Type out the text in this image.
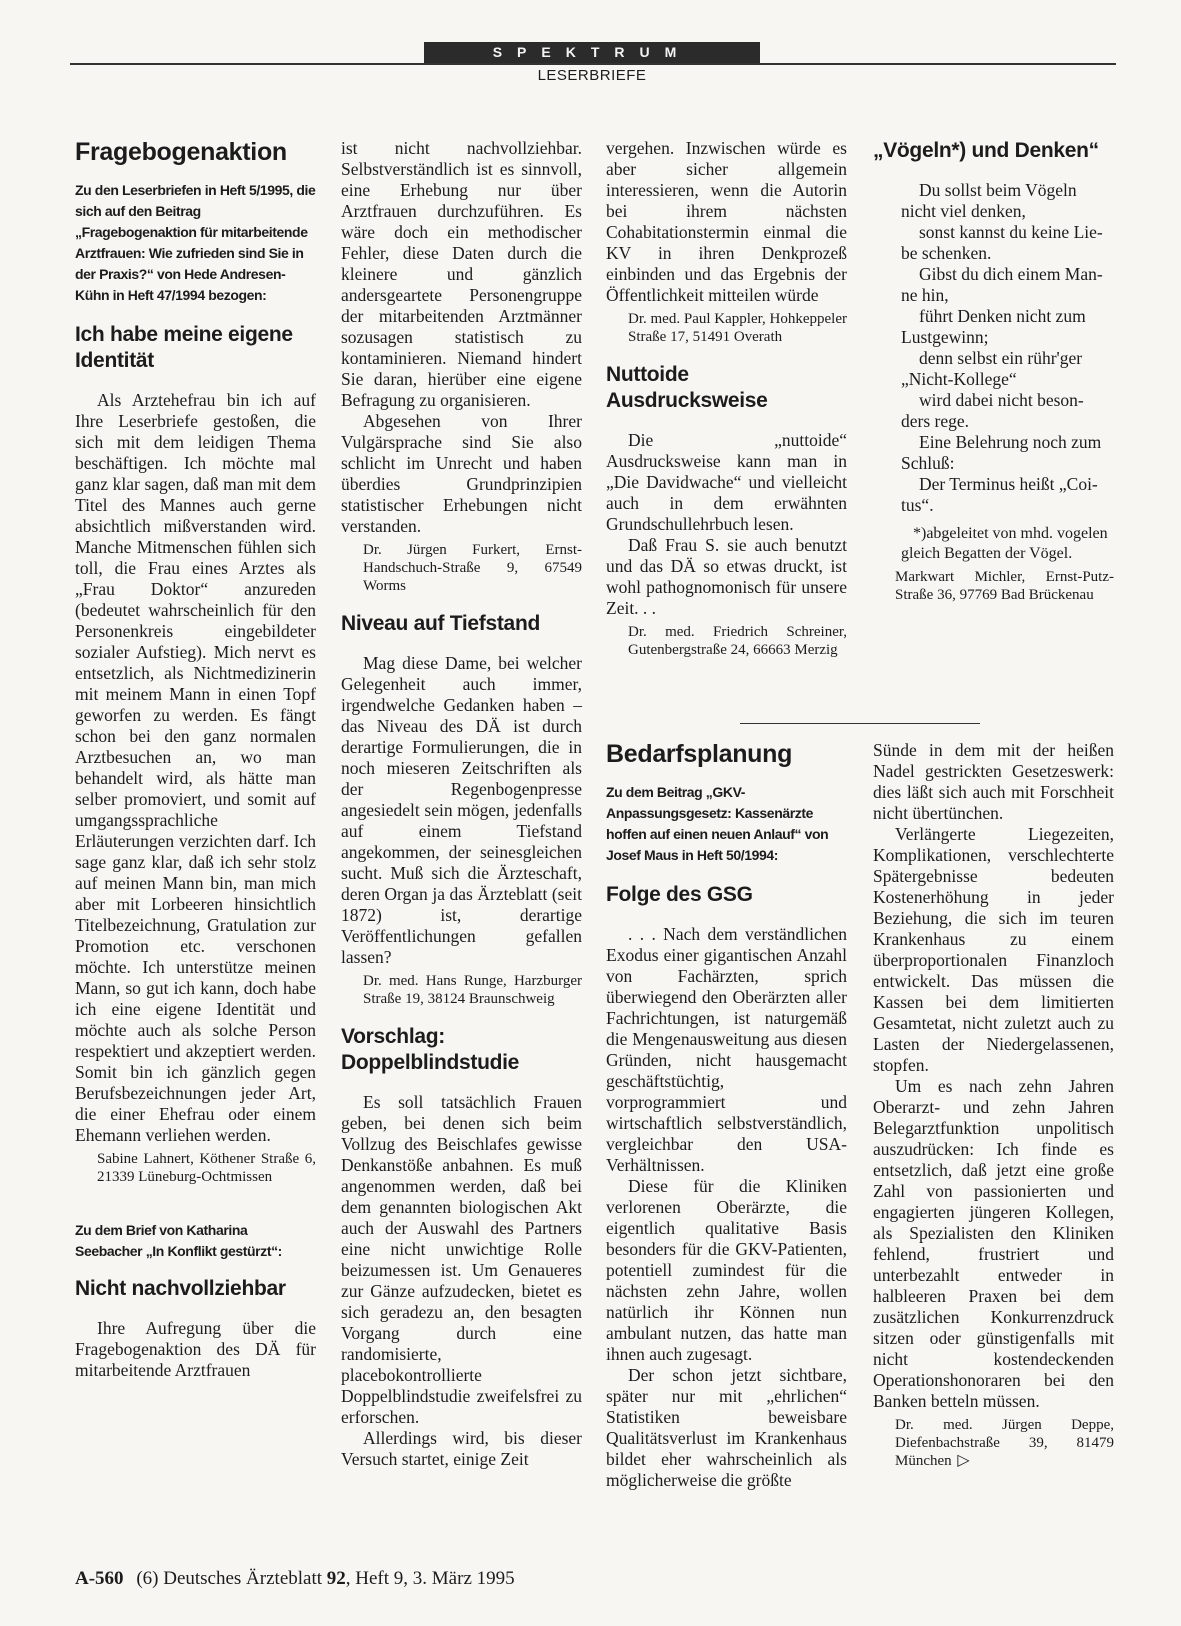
SPEKTRUM
LESERBRIEFE
Fragebogenaktion

Zu den Leserbriefen in Heft 5/1995, die sich auf den Beitrag „Fragebogenaktion für mitarbeitende Arztfrauen: Wie zufrieden sind Sie in der Praxis?“ von Hede Andresen-Kühn in Heft 47/1994 bezogen:

Ich habe meine eigene Identität

Als Arztehefrau bin ich auf Ihre Leserbriefe gestoßen, die sich mit dem leidigen Thema beschäftigen. Ich möchte mal ganz klar sagen, daß man mit dem Titel des Mannes auch gerne absichtlich mißverstanden wird. Manche Mitmenschen fühlen sich toll, die Frau eines Arztes als „Frau Doktor“ anzureden (bedeutet wahrscheinlich für den Personenkreis eingebildeter sozialer Aufstieg). Mich nervt es entsetzlich, als Nichtmedizinerin mit meinem Mann in einen Topf geworfen zu werden. Es fängt schon bei den ganz normalen Arztbesuchen an, wo man behandelt wird, als hätte man selber promoviert, und somit auf umgangssprachliche Erläuterungen verzichten darf. Ich sage ganz klar, daß ich sehr stolz auf meinen Mann bin, man mich aber mit Lorbeeren hinsichtlich Titelbezeichnung, Gratulation zur Promotion etc. verschonen möchte. Ich unterstütze meinen Mann, so gut ich kann, doch habe ich eine eigene Identität und möchte auch als solche Person respektiert und akzeptiert werden. Somit bin ich gänzlich gegen Berufsbezeichnungen jeder Art, die einer Ehefrau oder einem Ehemann verliehen werden.

Sabine Lahnert, Köthener Straße 6, 21339 Lüneburg-Ochtmissen

Zu dem Brief von Katharina Seebacher „In Konflikt gestürzt“:

Nicht nachvollziehbar

Ihre Aufregung über die Fragebogenaktion des DÄ für mitarbeitende Arztfrauen

ist nicht nachvollziehbar. Selbstverständlich ist es sinnvoll, eine Erhebung nur über Arztfrauen durchzuführen. Es wäre doch ein methodischer Fehler, diese Daten durch die kleinere und gänzlich andersgeartete Personengruppe der mitarbeitenden Arztmänner sozusagen statistisch zu kontaminieren. Niemand hindert Sie daran, hierüber eine eigene Befragung zu organisieren.

Abgesehen von Ihrer Vulgärsprache sind Sie also schlicht im Unrecht und haben überdies Grundprinzipien statistischer Erhebungen nicht verstanden.

Dr. Jürgen Furkert, Ernst-Handschuch-Straße 9, 67549 Worms

Niveau auf Tiefstand

Mag diese Dame, bei welcher Gelegenheit auch immer, irgendwelche Gedanken haben – das Niveau des DÄ ist durch derartige Formulierungen, die in noch mieseren Zeitschriften als der Regenbogenpresse angesiedelt sein mögen, jedenfalls auf einem Tiefstand angekommen, der seinesgleichen sucht. Muß sich die Ärzteschaft, deren Organ ja das Ärzteblatt (seit 1872) ist, derartige Veröffentlichungen gefallen lassen?

Dr. med. Hans Runge, Harzburger Straße 19, 38124 Braunschweig

Vorschlag: Doppelblindstudie

Es soll tatsächlich Frauen geben, bei denen sich beim Vollzug des Beischlafes gewisse Denkanstöße anbahnen. Es muß angenommen werden, daß bei dem genannten biologischen Akt auch der Auswahl des Partners eine nicht unwichtige Rolle beizumessen ist. Um Genaueres zur Gänze aufzudecken, bietet es sich geradezu an, den besagten Vorgang durch eine randomisierte, placebokontrollierte Doppelblindstudie zweifelsfrei zu erforschen.

Allerdings wird, bis dieser Versuch startet, einige Zeit

vergehen. Inzwischen würde es aber sicher allgemein interessieren, wenn die Autorin bei ihrem nächsten Cohabitationstermin einmal die KV in ihren Denkprozeß einbinden und das Ergebnis der Öffentlichkeit mitteilen würde

Dr. med. Paul Kappler, Hohkeppeler Straße 17, 51491 Overath

Nuttoide Ausdrucksweise

Die „nuttoide“ Ausdrucksweise kann man in „Die Davidwache“ und vielleicht auch in dem erwähnten Grundschullehrbuch lesen.

Daß Frau S. sie auch benutzt und das DÄ so etwas druckt, ist wohl pathognomonisch für unsere Zeit. . .

Dr. med. Friedrich Schreiner, Gutenbergstraße 24, 66663 Merzig

„Vögeln*) und Denken“
Du sollst beim Vögeln
nicht viel denken,
sonst kannst du keine Lie-
be schenken.
Gibst du dich einem Man-
ne hin,
führt Denken nicht zum
Lustgewinn;
denn selbst ein rühr'ger
„Nicht-Kollege“
wird dabei nicht beson-
ders rege.
Eine Belehrung noch zum
Schluß:
Der Terminus heißt „Coi-
tus“.

*)abgeleitet von mhd. vogelen gleich Begatten der Vögel.

Markwart Michler, Ernst-Putz-Straße 36, 97769 Bad Brückenau

Bedarfsplanung

Zu dem Beitrag „GKV-Anpassungsgesetz: Kassenärzte hoffen auf einen neuen Anlauf“ von Josef Maus in Heft 50/1994:

Folge des GSG

. . . Nach dem verständlichen Exodus einer gigantischen Anzahl von Fachärzten, sprich überwiegend den Oberärzten aller Fachrichtungen, ist naturgemäß die Mengenausweitung aus diesen Gründen, nicht hausgemacht geschäftstüchtig, vorprogrammiert und wirtschaftlich selbstverständlich, vergleichbar den USA-Verhältnissen.

Diese für die Kliniken verlorenen Oberärzte, die eigentlich qualitative Basis besonders für die GKV-Patienten, potentiell zumindest für die nächsten zehn Jahre, wollen natürlich ihr Können nun ambulant nutzen, das hatte man ihnen auch zugesagt.

Der schon jetzt sichtbare, später nur mit „ehrlichen“ Statistiken beweisbare Qualitätsverlust im Krankenhaus bildet eher wahrscheinlich als möglicherweise die größte

Sünde in dem mit der heißen Nadel gestrickten Gesetzeswerk: dies läßt sich auch mit Forschheit nicht übertünchen.

Verlängerte Liegezeiten, Komplikationen, verschlechterte Spätergebnisse bedeuten Kostenerhöhung in jeder Beziehung, die sich im teuren Krankenhaus zu einem überproportionalen Finanzloch entwickelt. Das müssen die Kassen bei dem limitierten Gesamtetat, nicht zuletzt auch zu Lasten der Niedergelassenen, stopfen.

Um es nach zehn Jahren Oberarzt- und zehn Jahren Belegarztfunktion unpolitisch auszudrücken: Ich finde es entsetzlich, daß jetzt eine große Zahl von passionierten und engagierten jüngeren Kollegen, als Spezialisten den Kliniken fehlend, frustriert und unterbezahlt entweder in halbleeren Praxen bei dem zusätzlichen Konkurrenzdruck sitzen oder günstigenfalls mit nicht kostendeckenden Operationshonoraren bei den Banken betteln müssen.

Dr. med. Jürgen Deppe, Diefenbachstraße 39, 81479 München ▷

A-560 (6) Deutsches Ärzteblatt 92, Heft 9, 3. März 1995
